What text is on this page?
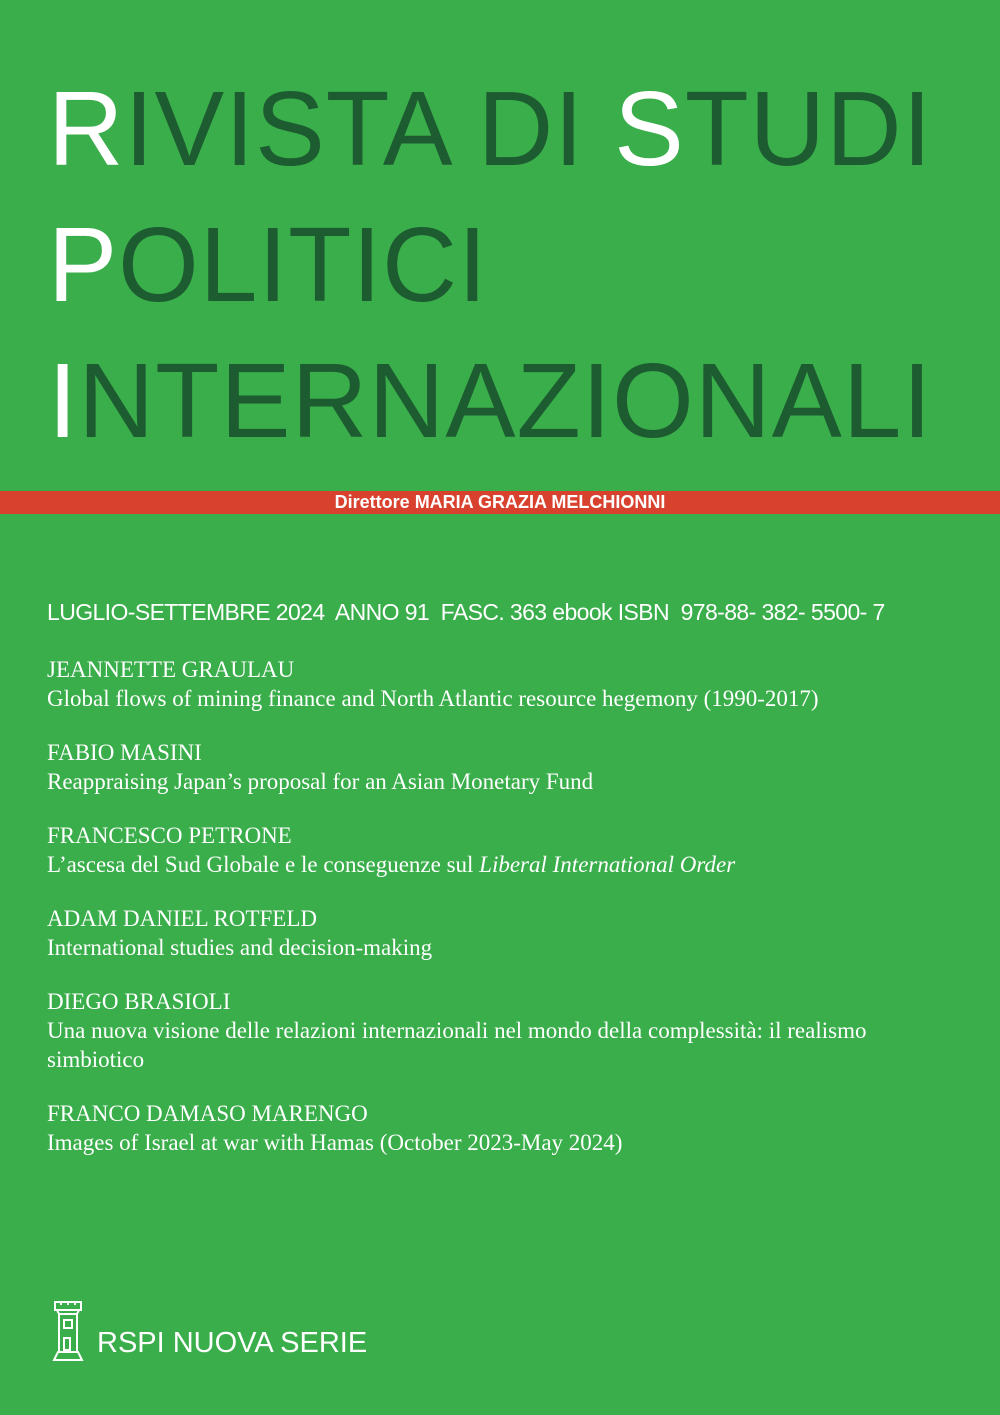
RIVISTA DI STUDI
POLITICI
INTERNAZIONALI
Direttore MARIA GRAZIA MELCHIONNI
LUGLIO-SETTEMBRE 2024  ANNO 91  FASC. 363 ebook ISBN  978-88- 382- 5500- 7
JEANNETTE GRAULAU
Global flows of mining finance and North Atlantic resource hegemony (1990-2017)
FABIO MASINI
Reappraising Japan’s proposal for an Asian Monetary Fund
FRANCESCO PETRONE
L’ascesa del Sud Globale e le conseguenze sul Liberal International Order
ADAM DANIEL ROTFELD
International studies and decision-making
DIEGO BRASIOLI
Una nuova visione delle relazioni internazionali nel mondo della complessità: il realismo simbiotico
FRANCO DAMASO MARENGO
Images of Israel at war with Hamas (October 2023-May 2024)
RSPI NUOVA SERIE
